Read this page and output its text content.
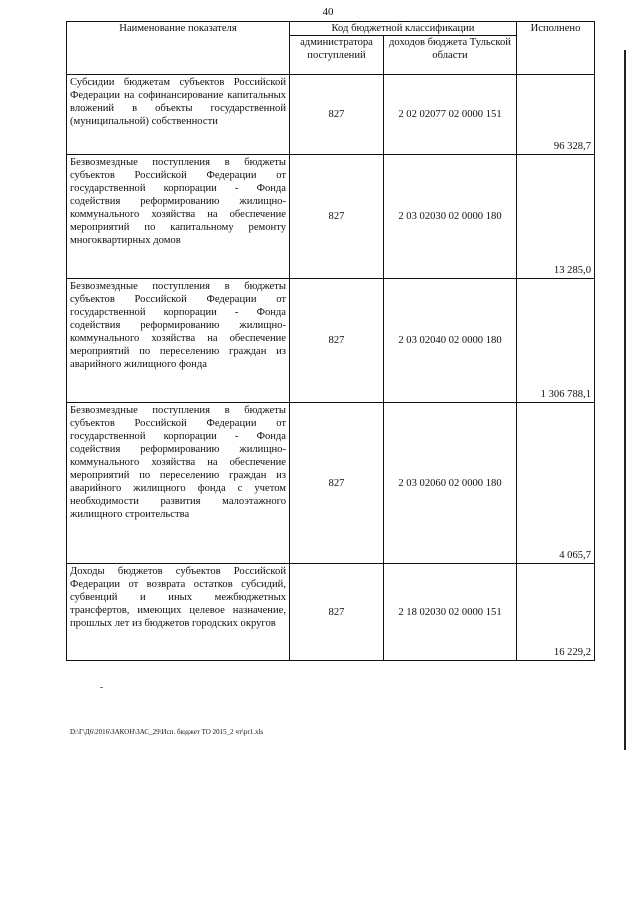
40
Наименование показателя	Код бюджетной классификации		Исполнено
	администратора поступлений	доходов бюджета Тульской области	
Субсидии бюджетам субъектов Российской Федерации на софинансирование капитальных вложений в объекты государственной (муниципальной) собственности	827	2 02 02077 02 0000 151	96 328,7
Безвозмездные поступления в бюджеты субъектов Российской Федерации от государственной корпорации - Фонда содействия реформированию жилищно-коммунального хозяйства на обеспечение мероприятий по капитальному ремонту многоквартирных домов	827	2 03 02030 02 0000 180	13 285,0
Безвозмездные поступления в бюджеты субъектов Российской Федерации от государственной корпорации - Фонда содействия реформированию жилищно-коммунального хозяйства на обеспечение мероприятий по переселению граждан из аварийного жилищного фонда	827	2 03 02040 02 0000 180	1 306 788,1
Безвозмездные поступления в бюджеты субъектов Российской Федерации от государственной корпорации - Фонда содействия реформированию жилищно-коммунального хозяйства на обеспечение мероприятий по переселению граждан из аварийного жилищного фонда с учетом необходимости развития малоэтажного жилищного строительства	827	2 03 02060 02 0000 180	4 065,7
Доходы бюджетов субъектов Российской Федерации от возврата остатков субсидий, субвенций и иных межбюджетных трансфертов, имеющих целевое назначение, прошлых лет из бюджетов городских округов	827	2 18 02030 02 0000 151	16 229,2
D:\Г\Д6\2016\ЗАКОН\ЗАС_29\Исп. бюджет ТО 2015_2 чт\pr1.xls
